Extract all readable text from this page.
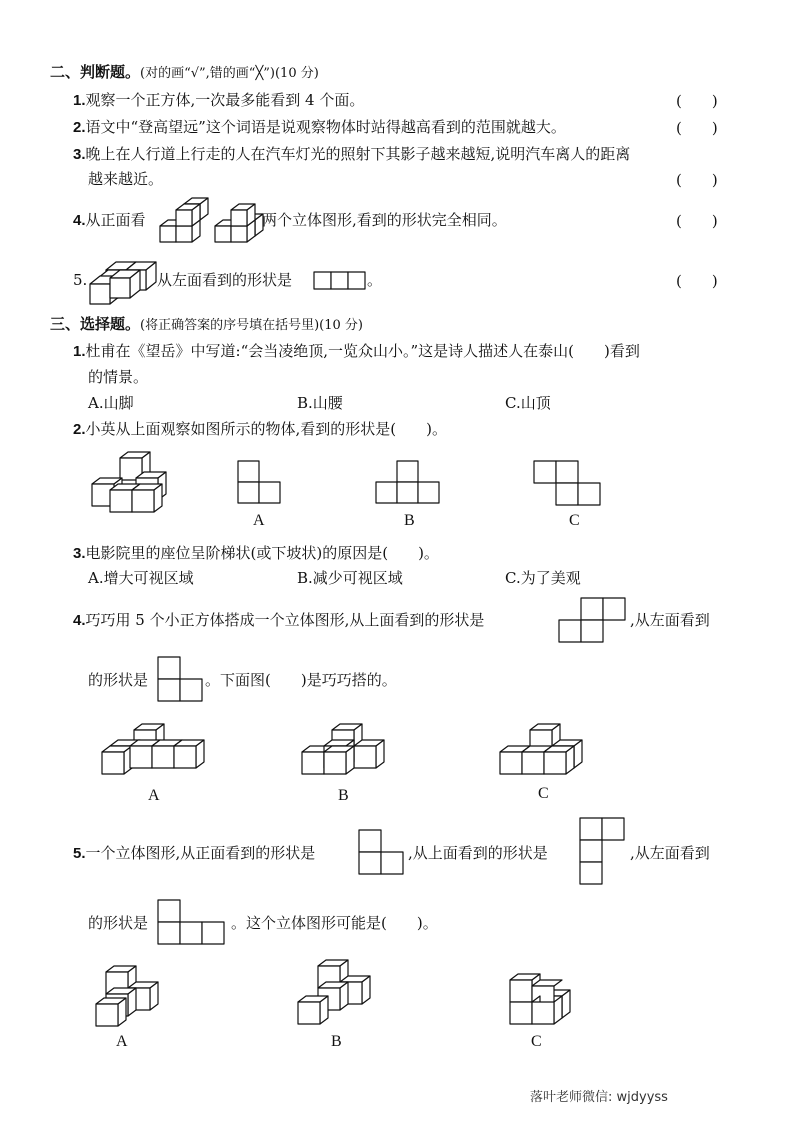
二、判断题。(对的画“√”,错的画“╳”)(10 分)
1.观察一个正方体,一次最多能看到 4 个面。	(　　)
2.语文中“登高望远”这个词语是说观察物体时站得越高看到的范围就越大。	(　　)
3.晚上在人行道上行走的人在汽车灯光的照射下其影子越来越短,说明汽车离人的距离
越来越近。	(　　)
4.从正面看	两个立体图形,看到的形状完全相同。	(　　)
5.	从左面看到的形状是	。	(　　)
三、选择题。(将正确答案的序号填在括号里)(10 分)
1.杜甫在《望岳》中写道:“会当凌绝顶,一览众山小。”这是诗人描述人在泰山(　　)看到
的情景。
A.山脚	B.山腰	C.山顶
2.小英从上面观察如图所示的物体,看到的形状是(　　)。
A	B	C
3.电影院里的座位呈阶梯状(或下坡状)的原因是(　　)。
A.增大可视区域	B.减少可视区域	C.为了美观
4.巧巧用 5 个小正方体搭成一个立体图形,从上面看到的形状是	,从左面看到
的形状是	。下面图(　　)是巧巧搭的。
A	B	C
5.一个立体图形,从正面看到的形状是	,从上面看到的形状是	,从左面看到
的形状是	。这个立体图形可能是(　　)。
A	B	C
落叶老师微信: wjdyyss
